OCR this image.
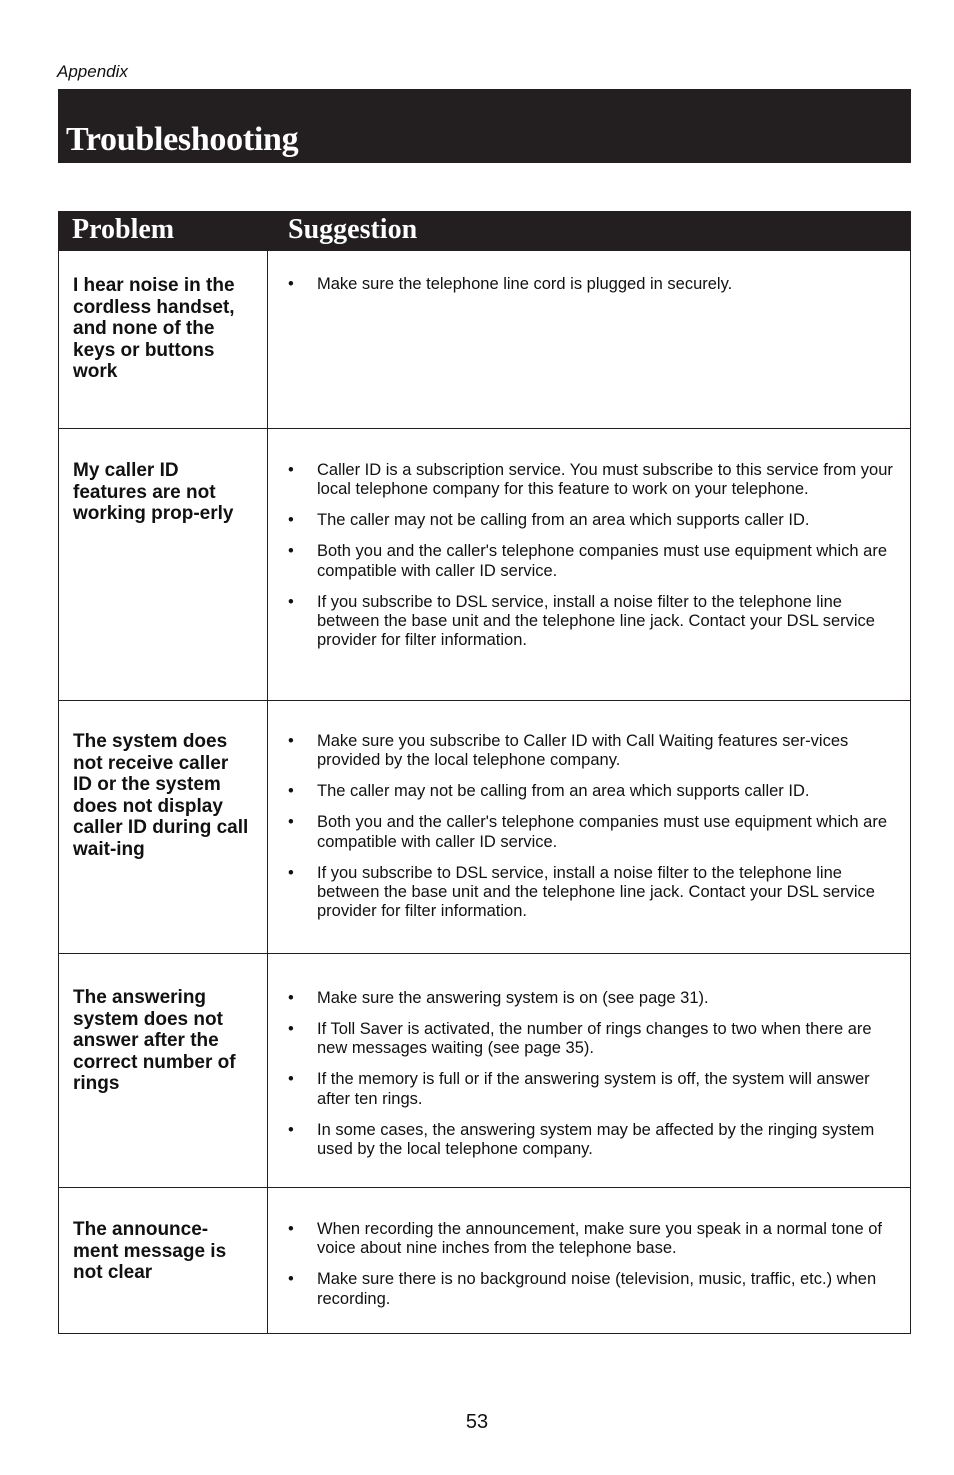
Appendix
Troubleshooting
Problem	Suggestion
I hear noise in the cordless handset, and none of the keys or buttons work
• Make sure the telephone line cord is plugged in securely.
My caller ID features are not working prop-erly
• Caller ID is a subscription service. You must subscribe to this service from your local telephone company for this feature to work on your telephone.
• The caller may not be calling from an area which supports caller ID.
• Both you and the caller's telephone companies must use equipment which are compatible with caller ID service.
• If you subscribe to DSL service, install a noise filter to the telephone line between the base unit and the telephone line jack. Contact your DSL service provider for filter information.
The system does not receive caller ID or the system does not display caller ID during call wait-ing
• Make sure you subscribe to Caller ID with Call Waiting features ser-vices provided by the local telephone company.
• The caller may not be calling from an area which supports caller ID.
• Both you and the caller's telephone companies must use equipment which are compatible with caller ID service.
• If you subscribe to DSL service, install a noise filter to the telephone line between the base unit and the telephone line jack. Contact your DSL service provider for filter information.
The answering system does not answer after the correct number of rings
• Make sure the answering system is on (see page 31).
• If Toll Saver is activated, the number of rings changes to two when there are new messages waiting (see page 35).
• If the memory is full or if the answering system is off, the system will answer after ten rings.
• In some cases, the answering system may be affected by the ringing system used by the local telephone company.
The announce-ment message is not clear
• When recording the announcement, make sure you speak in a normal tone of voice about nine inches from the telephone base.
• Make sure there is no background noise (television, music, traffic, etc.) when recording.
53
